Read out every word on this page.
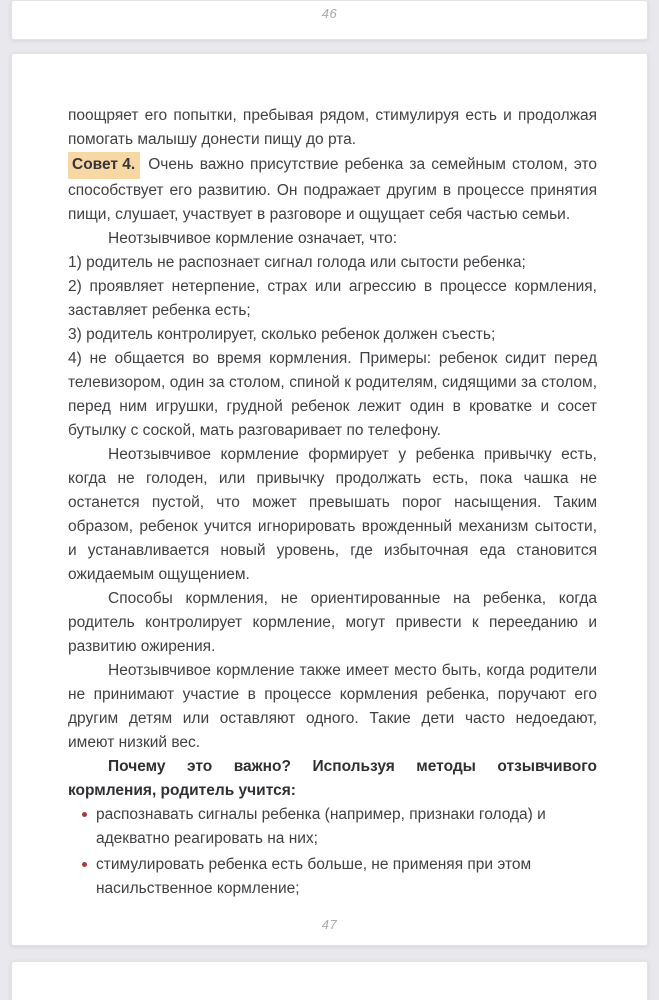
46

поощряет его попытки, пребывая рядом, стимулируя есть и продолжая помогать малышу донести пищу до рта.

Совет 4. Очень важно присутствие ребенка за семейным столом, это способствует его развитию. Он подражает другим в процессе принятия пищи, слушает, участвует в разговоре и ощущает себя частью семьи.

Неотзывчивое кормление означает, что:

1) родитель не распознает сигнал голода или сытости ребенка;

2) проявляет нетерпение, страх или агрессию в процессе кормления, заставляет ребенка есть;

3) родитель контролирует, сколько ребенок должен съесть;

4) не общается во время кормления. Примеры: ребенок сидит перед телевизором, один за столом, спиной к родителям, сидящими за столом, перед ним игрушки, грудной ребенок лежит один в кроватке и сосет бутылку с соской, мать разговаривает по телефону.

Неотзывчивое кормление формирует у ребенка привычку есть, когда не голоден, или привычку продолжать есть, пока чашка не останется пустой, что может превышать порог насыщения. Таким образом, ребенок учится игнорировать врожденный механизм сытости, и устанавливается новый уровень, где избыточная еда становится ожидаемым ощущением.

Способы кормления, не ориентированные на ребенка, когда родитель контролирует кормление, могут привести к перееданию и развитию ожирения.

Неотзывчивое кормление также имеет место быть, когда родители не принимают участие в процессе кормления ребенка, поручают его другим детям или оставляют одного. Такие дети часто недоедают, имеют низкий вес.

Почему это важно? Используя методы отзывчивого кормления, родитель учится:

распознавать сигналы ребенка (например, признаки голода) и адекватно реагировать на них;
стимулировать ребенка есть больше, не применяя при этом насильственное кормление;
47
